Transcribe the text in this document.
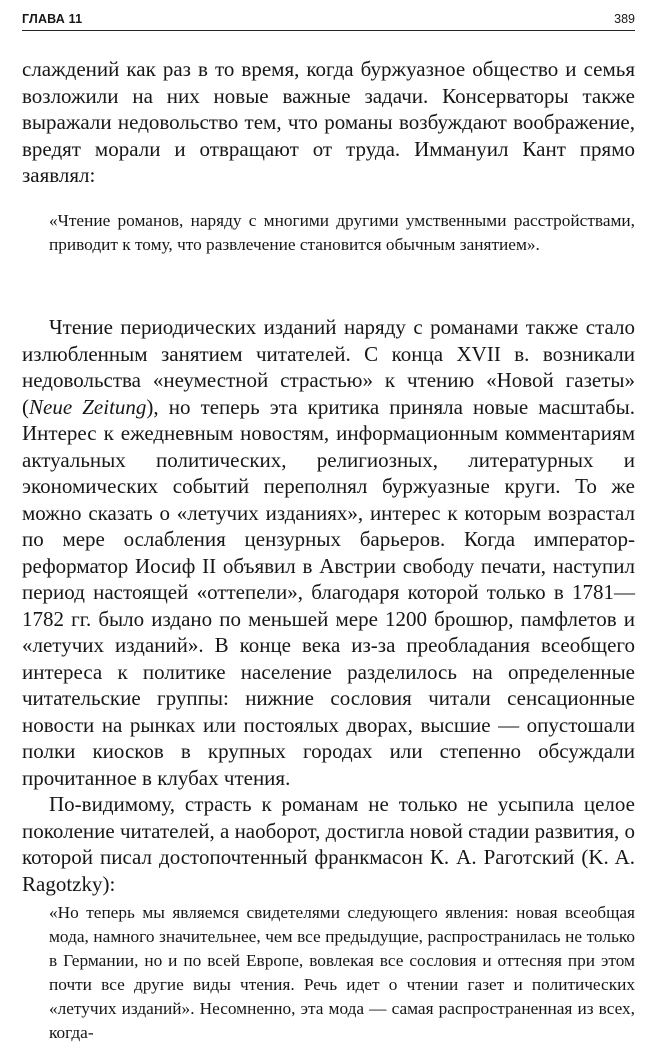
ГЛАВА 11	389

слаждений как раз в то время, когда буржуазное общество и семья возложили на них новые важные задачи. Консерваторы также выражали недовольство тем, что романы возбуждают воображение, вредят морали и отвращают от труда. Иммануил Кант прямо заявлял:

«Чтение романов, наряду с многими другими умственными расстройствами, приводит к тому, что развлечение становится обычным занятием».

Чтение периодических изданий наряду с романами также стало излюбленным занятием читателей. С конца XVII в. возникали недовольства «неуместной страстью» к чтению «Новой газеты» (Neue Zeitung), но теперь эта критика приняла новые масштабы. Интерес к ежедневным новостям, информационным комментариям актуальных политических, религиозных, литературных и экономических событий переполнял буржуазные круги. То же можно сказать о «летучих изданиях», интерес к которым возрастал по мере ослабления цензурных барьеров. Когда император-реформатор Иосиф II объявил в Австрии свободу печати, наступил период настоящей «оттепели», благодаря которой только в 1781—1782 гг. было издано по меньшей мере 1200 брошюр, памфлетов и «летучих изданий». В конце века из-за преобладания всеобщего интереса к политике население разделилось на определенные читательские группы: нижние сословия читали сенсационные новости на рынках или постоялых дворах, высшие — опустошали полки киосков в крупных городах или степенно обсуждали прочитанное в клубах чтения.

По-видимому, страсть к романам не только не усыпила целое поколение читателей, а наоборот, достигла новой стадии развития, о которой писал достопочтенный франкмасон К. А. Раготский (K. A. Ragotzky):

«Но теперь мы являемся свидетелями следующего явления: новая всеобщая мода, намного значительнее, чем все предыдущие, распространилась не только в Германии, но и по всей Европе, вовлекая все сословия и оттесняя при этом почти все другие виды чтения. Речь идет о чтении газет и политических «летучих изданий». Несомненно, эта мода — самая распространенная из всех, когда-
